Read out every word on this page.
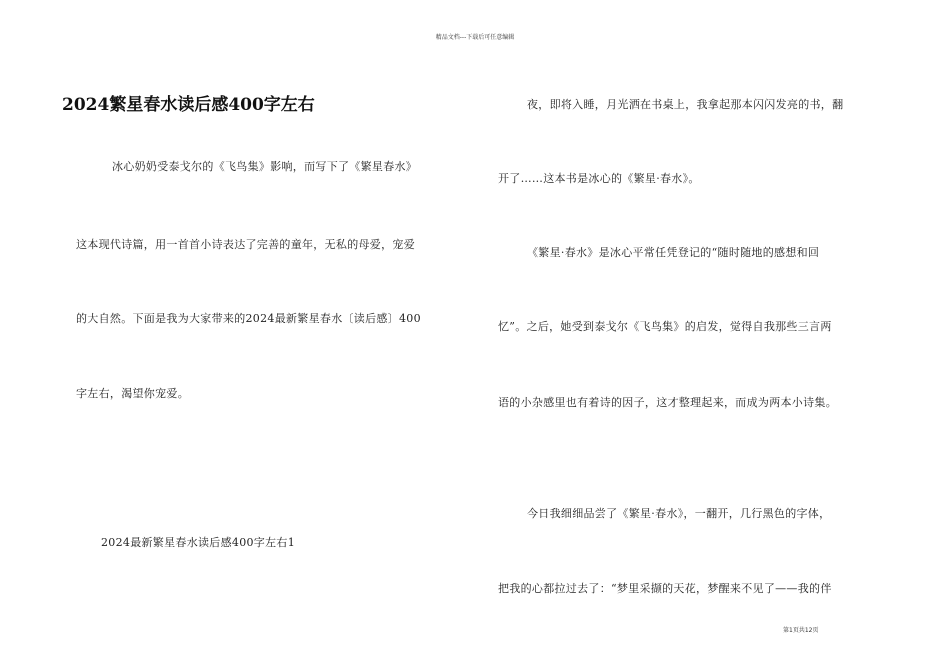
精品文档---下载后可任意编辑
2024繁星春水读后感400字左右
冰心奶奶受泰戈尔的《飞鸟集》影响，而写下了《繁星春水》
这本现代诗篇，用一首首小诗表达了完善的童年，无私的母爱，宠爱
的大自然。下面是我为大家带来的2024最新繁星春水〔读后感〕400
字左右，渴望你宠爱。
2024最新繁星春水读后感400字左右1
夜，即将入睡，月光洒在书桌上，我拿起那本闪闪发亮的书，翻
开了……这本书是冰心的《繁星·春水》。
《繁星·春水》是冰心平常任凭登记的“随时随地的感想和回
忆”。之后，她受到泰戈尔《飞鸟集》的启发，觉得自我那些三言两
语的小杂感里也有着诗的因子，这才整理起来，而成为两本小诗集。
今日我细细品尝了《繁星·春水》，一翻开，几行黑色的字体，
把我的心都拉过去了：“梦里采撷的天花，梦醒来不见了——我的伴
第1页共12页
